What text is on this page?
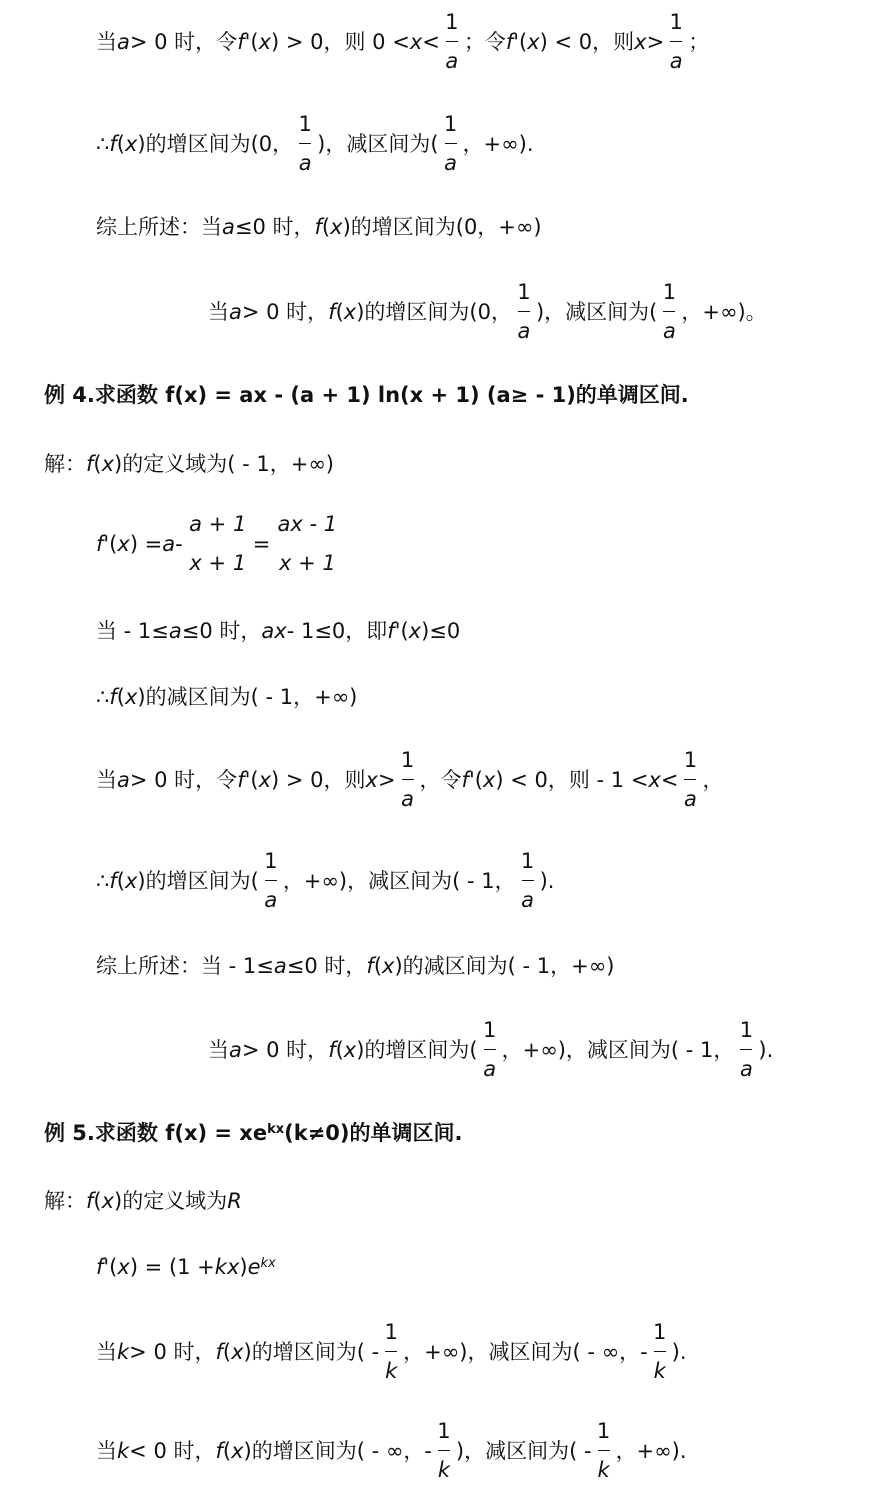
当 a > 0 时，令 f '( x ) > 0，则 $0 < x < \frac{1}{a}$ ；令 f '( x ) < 0，则 $x > \frac{1}{a}$ ；
∴ f ( x )的增区间为(0， $\frac{1}{a}$ )，减区间为( $\frac{1}{a}$ ，+∞).
综上所述：当 a ≤0 时， f ( x )的增区间为(0，+∞)
当 a > 0 时， f ( x )的增区间为(0， $\frac{1}{a}$ )，减区间为( $\frac{1}{a}$ ，+∞)。
例 4.求函数 f(x) = ax - (a + 1) ln(x + 1) (a≥ - 1)的单调区间.
解： f ( x )的定义域为( - 1，+∞)
f '( x ) = a -
a + 1
x + 1
=
ax - 1
x + 1
当 - 1≤ a ≤0 时， ax - 1≤0，即 f '( x )≤0
∴ f ( x )的减区间为( - 1，+∞)
当 a > 0 时，令 f '( x ) > 0，则 $x > \frac{1}{a}$ ，令 f '( x ) < 0，则 - $1 < x < \frac{1}{a}$ ，
∴ f ( x )的增区间为( $\frac{1}{a}$ ，+∞)，减区间为( - 1， $\frac{1}{a}$ ).
综上所述：当 - 1≤ a ≤0 时， f ( x )的减区间为( - 1，+∞)
当 a > 0 时， f ( x )的增区间为( $\frac{1}{a}$ ，+∞)，减区间为( - 1， $\frac{1}{a}$ ).
例 5.求函数 $f(x) = xe^{kx}$ (k≠0)的单调区间.
解： f ( x )的定义域为 R
f '( x ) = (1 + kx ) $e^{kx}$
当 k > 0 时， f ( x )的增区间为( - $\frac{1}{k}$ ，+∞)，减区间为( - ∞，- $\frac{1}{k}$ ).
当 k < 0 时， f ( x )的增区间为( - ∞，- $\frac{1}{k}$ )，减区间为( - $\frac{1}{k}$ ，+∞).
